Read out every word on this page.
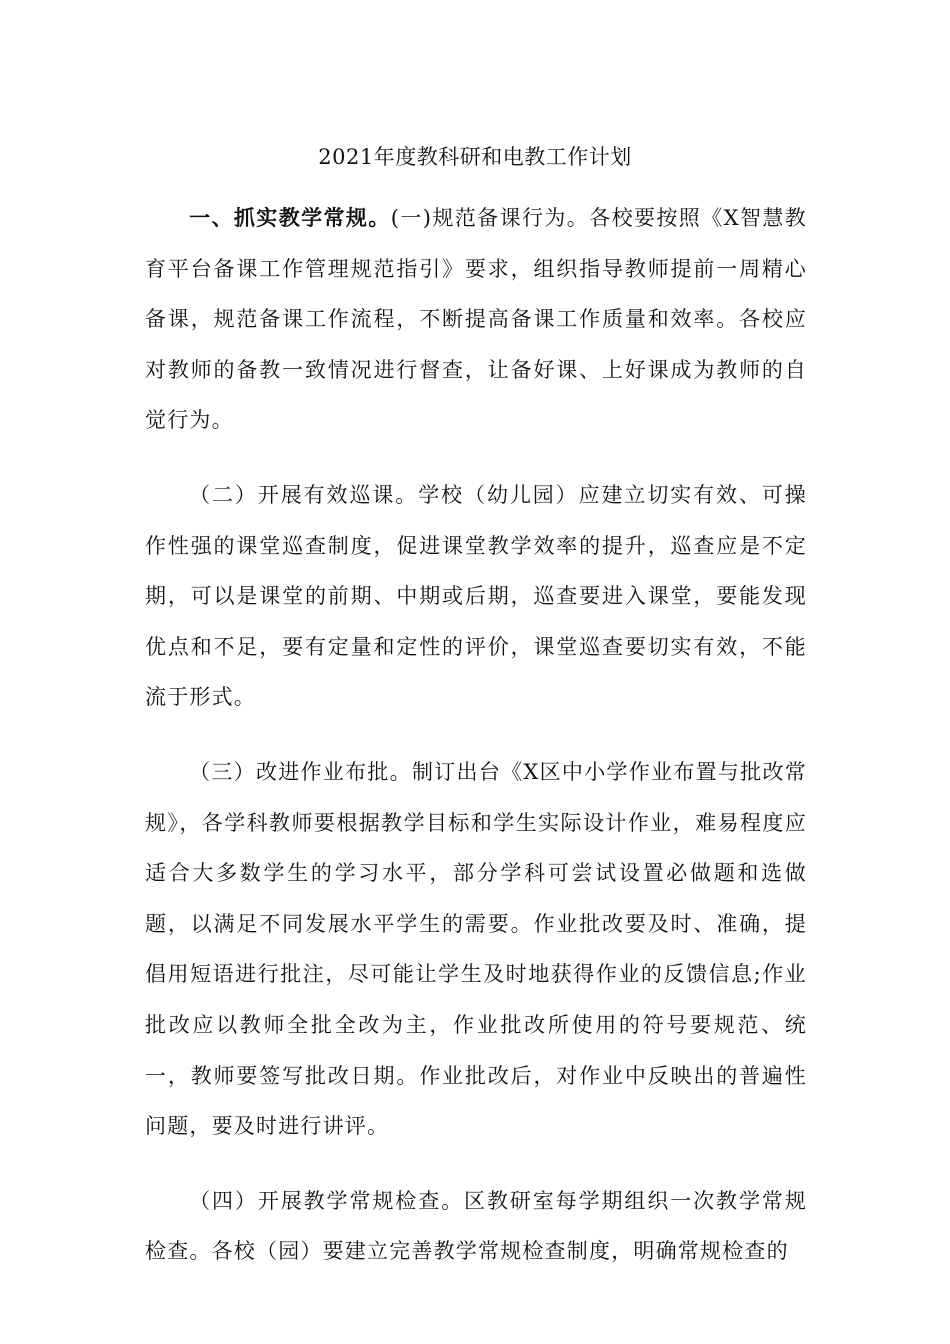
2021年度教科研和电教工作计划

一、抓实教学常规。(一)规范备课行为。各校要按照《X智慧教育平台备课工作管理规范指引》要求，组织指导教师提前一周精心备课，规范备课工作流程，不断提高备课工作质量和效率。各校应对教师的备教一致情况进行督查，让备好课、上好课成为教师的自觉行为。

（二）开展有效巡课。学校（幼儿园）应建立切实有效、可操作性强的课堂巡查制度，促进课堂教学效率的提升，巡查应是不定期，可以是课堂的前期、中期或后期，巡查要进入课堂，要能发现优点和不足，要有定量和定性的评价，课堂巡查要切实有效，不能流于形式。

（三）改进作业布批。制订出台《X区中小学作业布置与批改常规》，各学科教师要根据教学目标和学生实际设计作业，难易程度应适合大多数学生的学习水平，部分学科可尝试设置必做题和选做题，以满足不同发展水平学生的需要。作业批改要及时、准确，提倡用短语进行批注，尽可能让学生及时地获得作业的反馈信息;作业批改应以教师全批全改为主，作业批改所使用的符号要规范、统一，教师要签写批改日期。作业批改后，对作业中反映出的普遍性问题，要及时进行讲评。

（四）开展教学常规检查。区教研室每学期组织一次教学常规检查。各校（园）要建立完善教学常规检查制度，明确常规检查的
